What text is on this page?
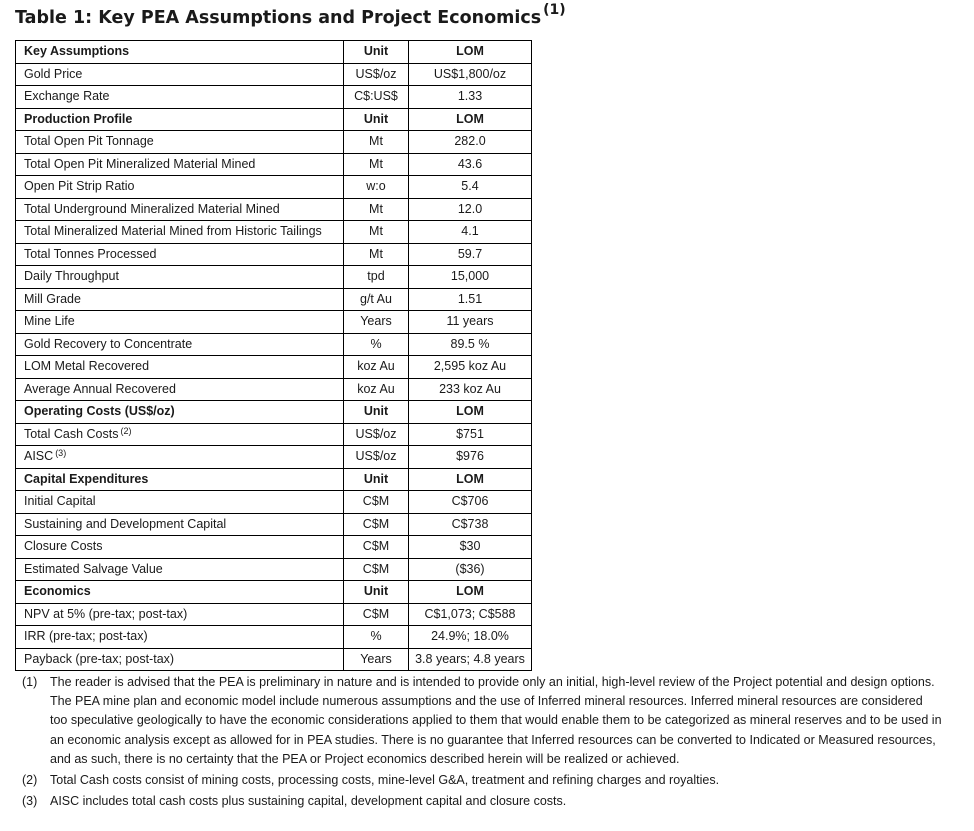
Table 1: Key PEA Assumptions and Project Economics $^{(1)}$
Key Assumptions	Unit	LOM
Gold Price	US$/oz	US$1,800/oz
Exchange Rate	C$:US$	1.33
Production Profile	Unit	LOM
Total Open Pit Tonnage	Mt	282.0
Total Open Pit Mineralized Material Mined	Mt	43.6
Open Pit Strip Ratio	w:o	5.4
Total Underground Mineralized Material Mined	Mt	12.0
Total Mineralized Material Mined from Historic Tailings	Mt	4.1
Total Tonnes Processed	Mt	59.7
Daily Throughput	tpd	15,000
Mill Grade	g/t Au	1.51
Mine Life	Years	11 years
Gold Recovery to Concentrate	%	89.5 %
LOM Metal Recovered	koz Au	2,595 koz Au
Average Annual Recovered	koz Au	233 koz Au
Operating Costs (US$/oz)	Unit	LOM
Total Cash Costs $^{(2)}$	US$/oz	$751
AISC $^{(3)}$	US$/oz	$976
Capital Expenditures	Unit	LOM
Initial Capital	C$M	C$706
Sustaining and Development Capital	C$M	C$738
Closure Costs	C$M	$30
Estimated Salvage Value	C$M	($36)
Economics	Unit	LOM
NPV at 5% (pre-tax; post-tax)	C$M	C$1,073; C$588
IRR (pre-tax; post-tax)	%	24.9%; 18.0%
Payback (pre-tax; post-tax)	Years	3.8 years; 4.8 years
(1)	The reader is advised that the PEA is preliminary in nature and is intended to provide only an initial, high-level review of the Project potential and design options. The PEA mine plan and economic model include numerous assumptions and the use of Inferred mineral resources. Inferred mineral resources are considered too speculative geologically to have the economic considerations applied to them that would enable them to be categorized as mineral reserves and to be used in an economic analysis except as allowed for in PEA studies. There is no guarantee that Inferred resources can be converted to Indicated or Measured resources, and as such, there is no certainty that the PEA or Project economics described herein will be realized or achieved.
(2)	Total Cash costs consist of mining costs, processing costs, mine-level G&A, treatment and refining charges and royalties.
(3)	AISC includes total cash costs plus sustaining capital, development capital and closure costs.
